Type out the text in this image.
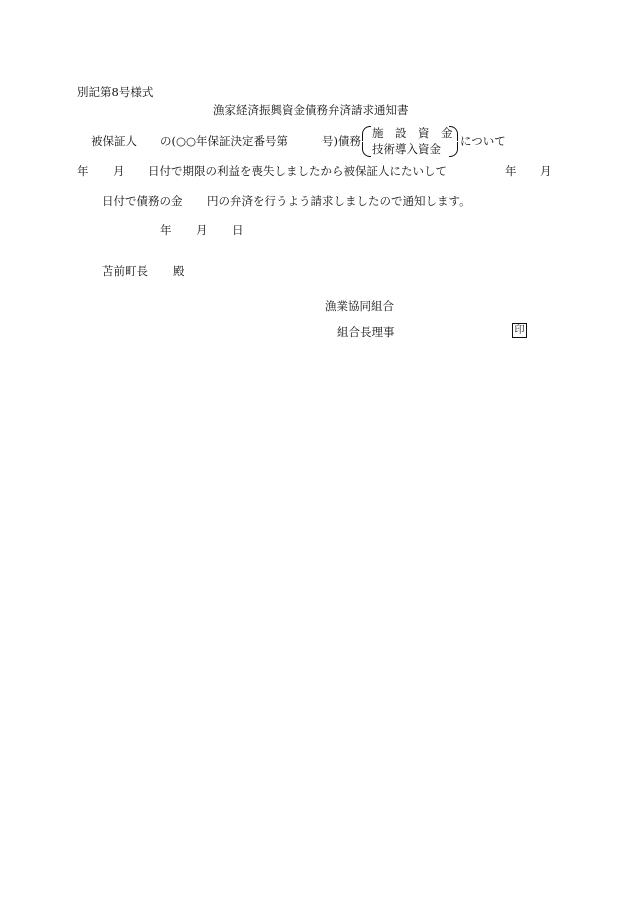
別記第8号様式
漁家経済振興資金債務弁済請求通知書
被保証人 の(○○年保証決定番号第	号)債務
施　設　資　金
技術導入資金
について
年 月 日付で期限の利益を喪失しましたから被保証人にたいして	年 月
日付で債務の金 円の弁済を行うよう請求しましたので通知します。
年 月 日
苫前町長 殿
漁業協同組合
組合長理事	印
